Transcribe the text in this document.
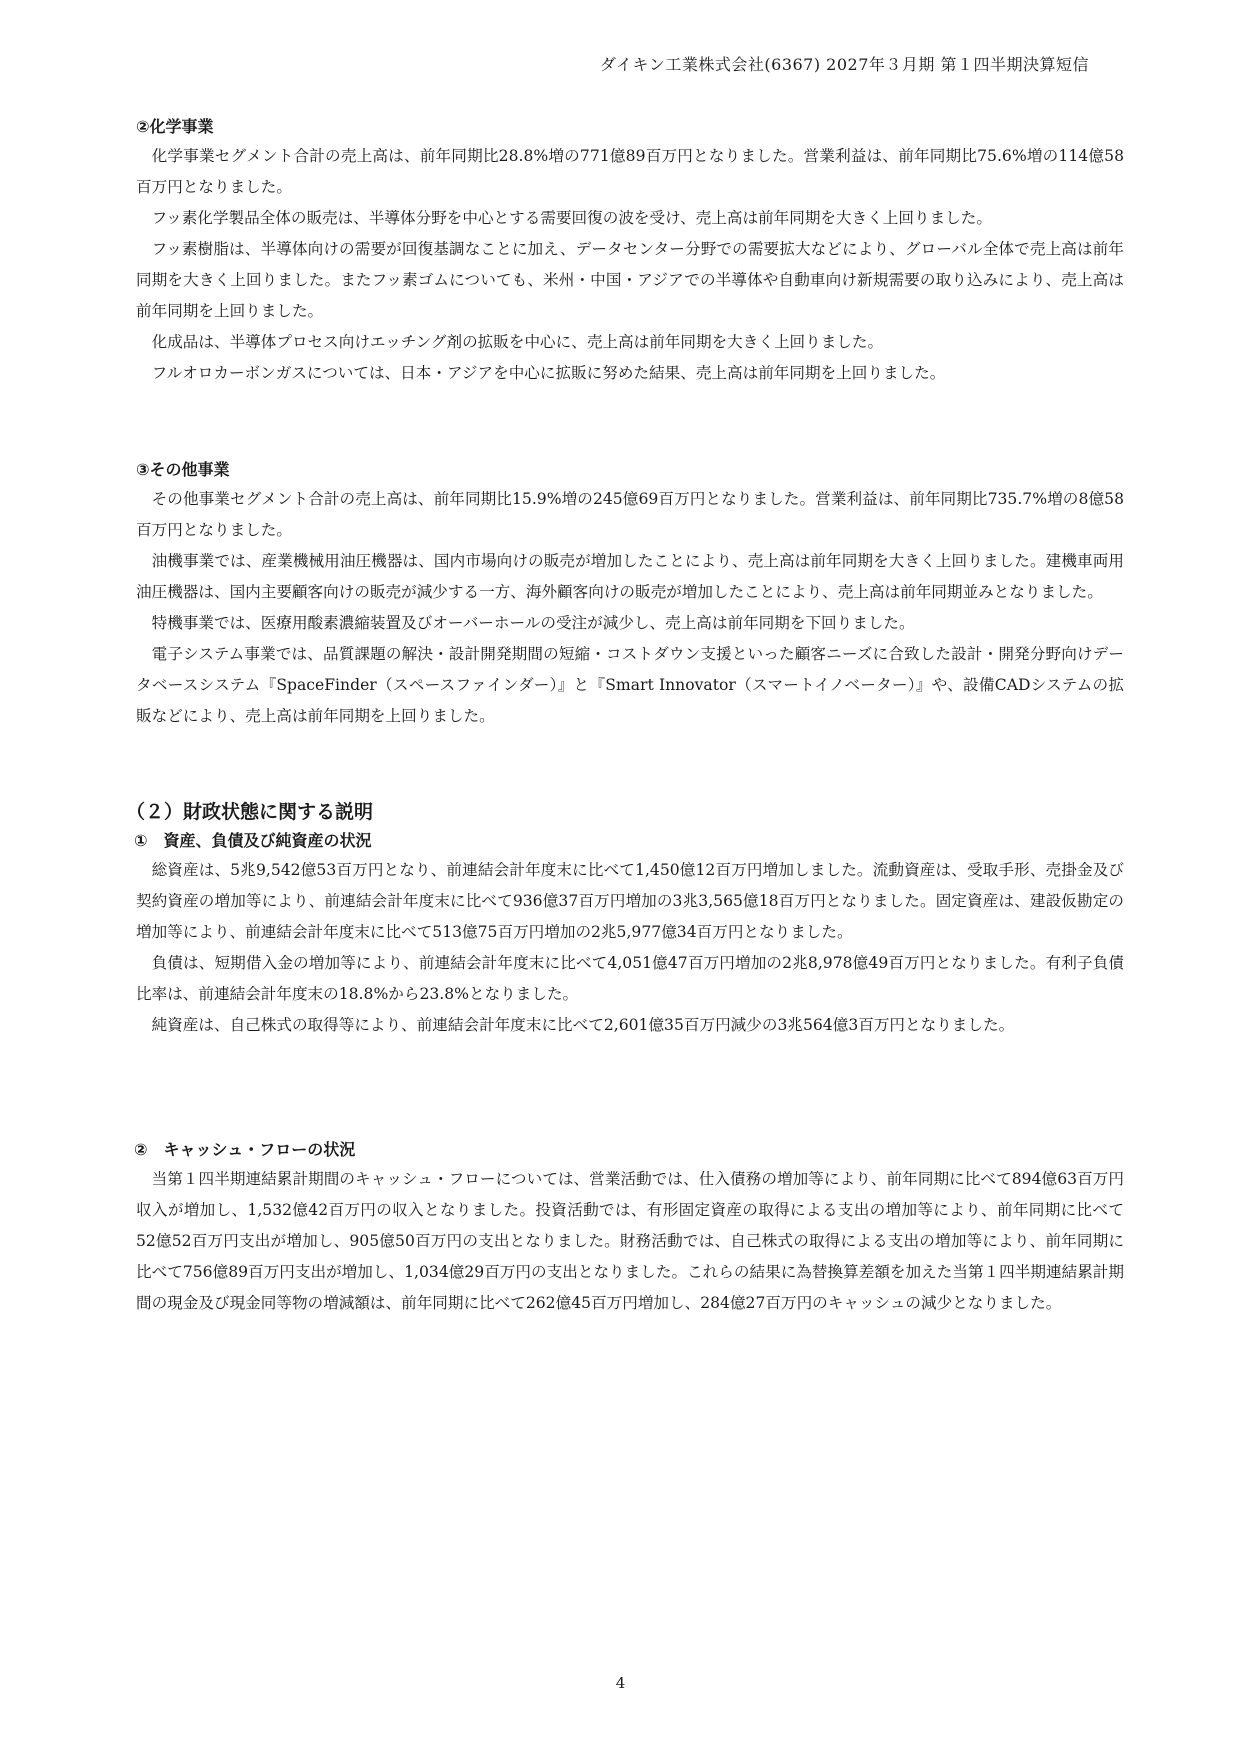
ダイキン工業株式会社(6367) 2027年３月期 第１四半期決算短信

②化学事業

化学事業セグメント合計の売上高は、前年同期比28.8%増の771億89百万円となりました。営業利益は、前年同期比75.6%増の114億58百万円となりました。

フッ素化学製品全体の販売は、半導体分野を中心とする需要回復の波を受け、売上高は前年同期を大きく上回りました。

フッ素樹脂は、半導体向けの需要が回復基調なことに加え、データセンター分野での需要拡大などにより、グローバル全体で売上高は前年同期を大きく上回りました。またフッ素ゴムについても、米州・中国・アジアでの半導体や自動車向け新規需要の取り込みにより、売上高は前年同期を上回りました。

化成品は、半導体プロセス向けエッチング剤の拡販を中心に、売上高は前年同期を大きく上回りました。

フルオロカーボンガスについては、日本・アジアを中心に拡販に努めた結果、売上高は前年同期を上回りました。

③その他事業

その他事業セグメント合計の売上高は、前年同期比15.9%増の245億69百万円となりました。営業利益は、前年同期比735.7%増の8億58百万円となりました。

油機事業では、産業機械用油圧機器は、国内市場向けの販売が増加したことにより、売上高は前年同期を大きく上回りました。建機車両用油圧機器は、国内主要顧客向けの販売が減少する一方、海外顧客向けの販売が増加したことにより、売上高は前年同期並みとなりました。

特機事業では、医療用酸素濃縮装置及びオーバーホールの受注が減少し、売上高は前年同期を下回りました。

電子システム事業では、品質課題の解決・設計開発期間の短縮・コストダウン支援といった顧客ニーズに合致した設計・開発分野向けデータベースシステム『SpaceFinder（スペースファインダー）』と『Smart Innovator（スマートイノベーター）』や、設備CADシステムの拡販などにより、売上高は前年同期を上回りました。

（２）財政状態に関する説明

①　資産、負債及び純資産の状況

総資産は、5兆9,542億53百万円となり、前連結会計年度末に比べて1,450億12百万円増加しました。流動資産は、受取手形、売掛金及び契約資産の増加等により、前連結会計年度末に比べて936億37百万円増加の3兆3,565億18百万円となりました。固定資産は、建設仮勘定の増加等により、前連結会計年度末に比べて513億75百万円増加の2兆5,977億34百万円となりました。

負債は、短期借入金の増加等により、前連結会計年度末に比べて4,051億47百万円増加の2兆8,978億49百万円となりました。有利子負債比率は、前連結会計年度末の18.8%から23.8%となりました。

純資産は、自己株式の取得等により、前連結会計年度末に比べて2,601億35百万円減少の3兆564億3百万円となりました。

②　キャッシュ・フローの状況

当第１四半期連結累計期間のキャッシュ・フローについては、営業活動では、仕入債務の増加等により、前年同期に比べて894億63百万円収入が増加し、1,532億42百万円の収入となりました。投資活動では、有形固定資産の取得による支出の増加等により、前年同期に比べて52億52百万円支出が増加し、905億50百万円の支出となりました。財務活動では、自己株式の取得による支出の増加等により、前年同期に比べて756億89百万円支出が増加し、1,034億29百万円の支出となりました。これらの結果に為替換算差額を加えた当第１四半期連結累計期間の現金及び現金同等物の増減額は、前年同期に比べて262億45百万円増加し、284億27百万円のキャッシュの減少となりました。

4
